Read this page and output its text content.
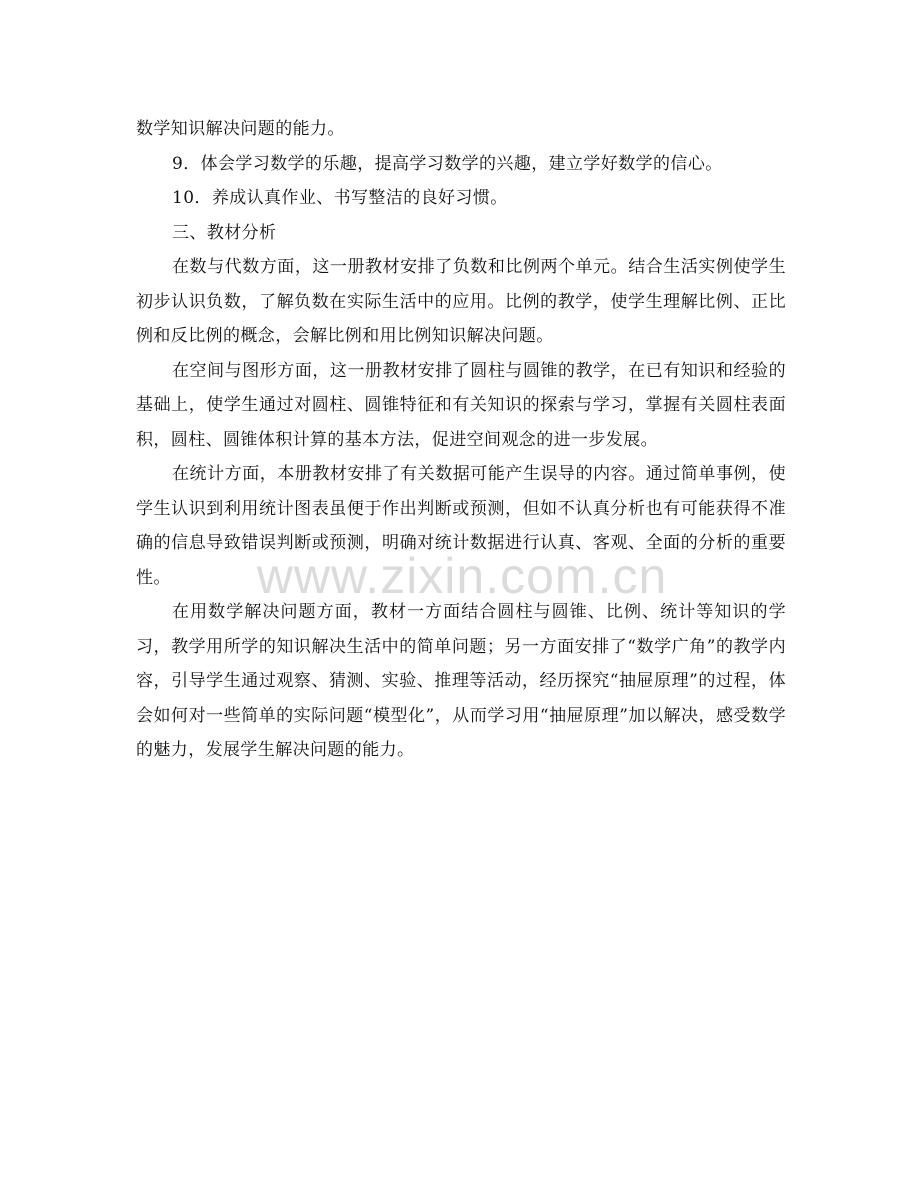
数学知识解决问题的能力。

9．体会学习数学的乐趣，提高学习数学的兴趣，建立学好数学的信心。

10．养成认真作业、书写整洁的良好习惯。

三、教材分析

在数与代数方面，这一册教材安排了负数和比例两个单元。结合生活实例使学生初步认识负数，了解负数在实际生活中的应用。比例的教学，使学生理解比例、正比例和反比例的概念，会解比例和用比例知识解决问题。

在空间与图形方面，这一册教材安排了圆柱与圆锥的教学，在已有知识和经验的基础上，使学生通过对圆柱、圆锥特征和有关知识的探索与学习，掌握有关圆柱表面积，圆柱、圆锥体积计算的基本方法，促进空间观念的进一步发展。

在统计方面，本册教材安排了有关数据可能产生误导的内容。通过简单事例，使学生认识到利用统计图表虽便于作出判断或预测，但如不认真分析也有可能获得不准确的信息导致错误判断或预测，明确对统计数据进行认真、客观、全面的分析的重要性。

在用数学解决问题方面，教材一方面结合圆柱与圆锥、比例、统计等知识的学习，教学用所学的知识解决生活中的简单问题；另一方面安排了“数学广角”的教学内容，引导学生通过观察、猜测、实验、推理等活动，经历探究“抽屉原理”的过程，体会如何对一些简单的实际问题“模型化”，从而学习用“抽屉原理”加以解决，感受数学的魅力，发展学生解决问题的能力。

www.zixin.com.cn
